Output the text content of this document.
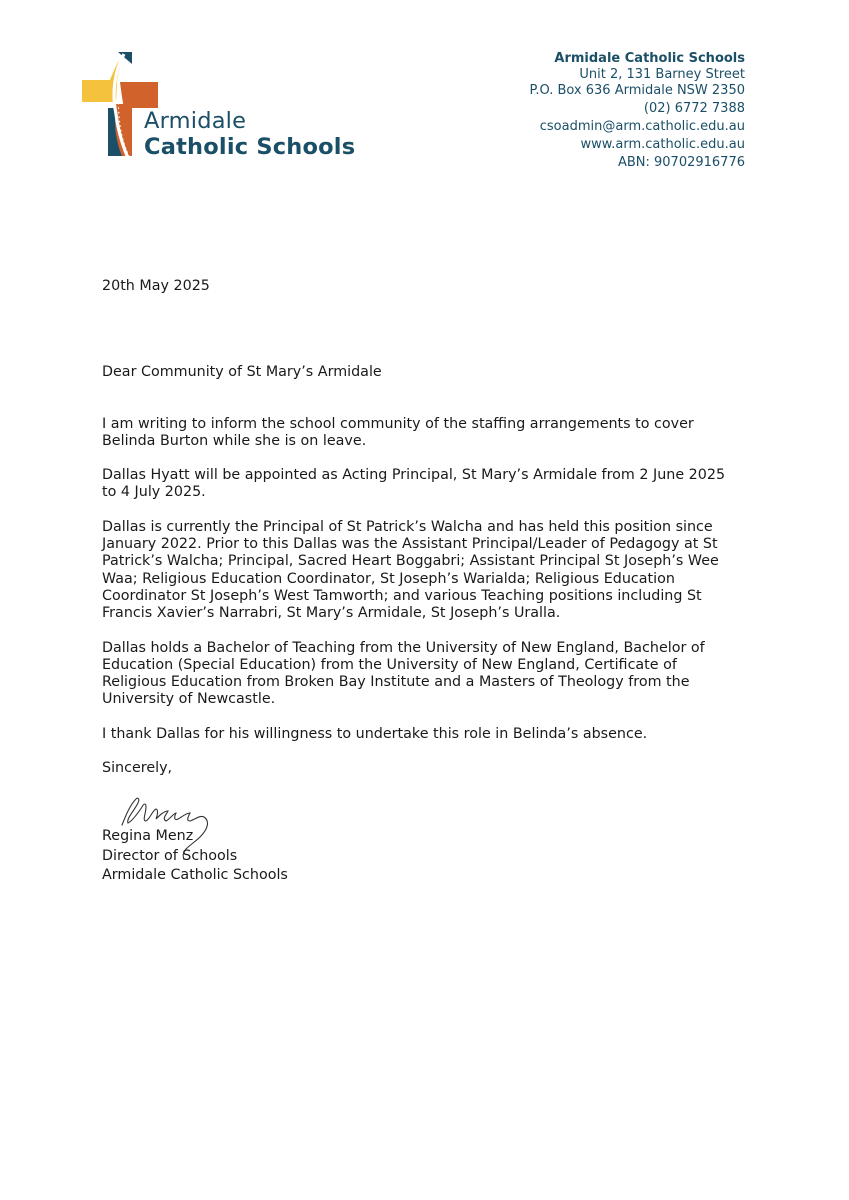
Armidale
Catholic Schools
Armidale Catholic Schools
Unit 2, 131 Barney Street
P.O. Box 636 Armidale NSW 2350
(02) 6772 7388
csoadmin@arm.catholic.edu.au
www.arm.catholic.edu.au
ABN: 90702916776

20th May 2025

Dear Community of St Mary’s Armidale

I am writing to inform the school community of the staffing arrangements to cover Belinda Burton while she is on leave.

Dallas Hyatt will be appointed as Acting Principal, St Mary’s Armidale from 2 June 2025 to 4 July 2025.

Dallas is currently the Principal of St Patrick’s Walcha and has held this position since January 2022. Prior to this Dallas was the Assistant Principal/Leader of Pedagogy at St Patrick’s Walcha; Principal, Sacred Heart Boggabri; Assistant Principal St Joseph’s Wee Waa; Religious Education Coordinator, St Joseph’s Warialda; Religious Education Coordinator St Joseph’s West Tamworth; and various Teaching positions including St Francis Xavier’s Narrabri, St Mary’s Armidale, St Joseph’s Uralla.

Dallas holds a Bachelor of Teaching from the University of New England, Bachelor of Education (Special Education) from the University of New England, Certificate of Religious Education from Broken Bay Institute and a Masters of Theology from the University of Newcastle.

I thank Dallas for his willingness to undertake this role in Belinda’s absence.

Sincerely,

Regina Menz
Director of Schools
Armidale Catholic Schools
